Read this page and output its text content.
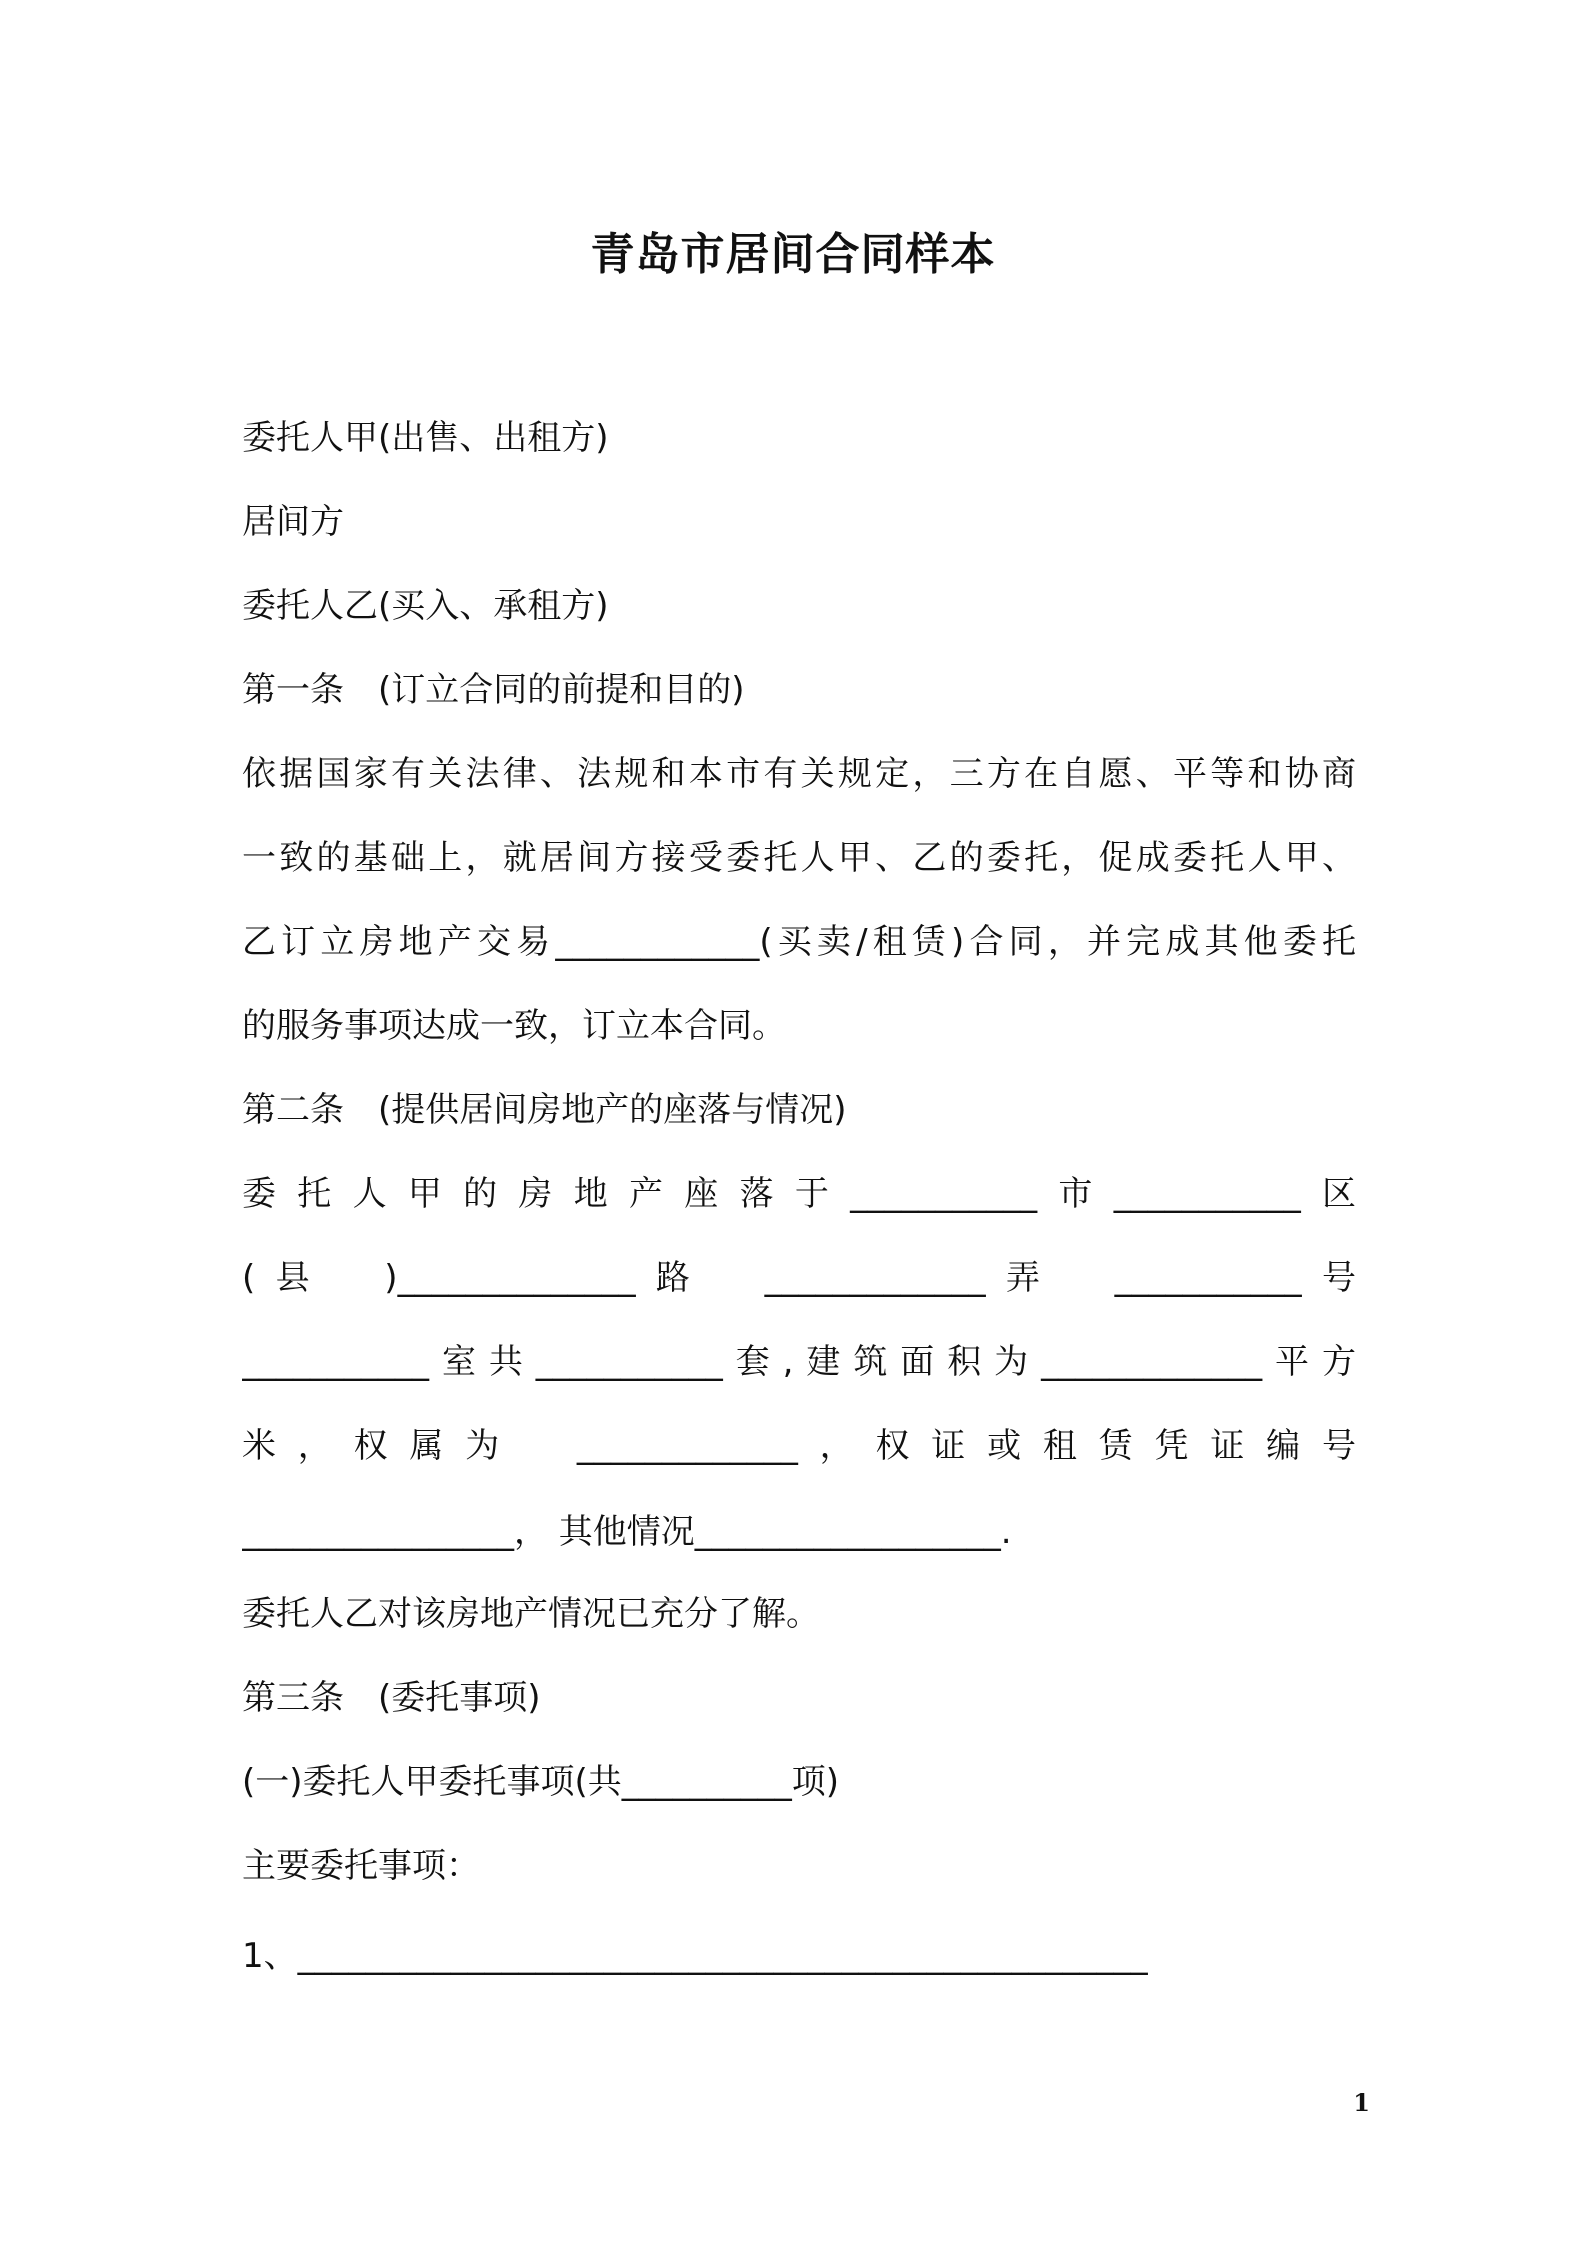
青岛市居间合同样本
委托人甲(出售、出租方)
居间方
委托人乙(买入、承租方)
第一条　(订立合同的前提和目的)
依据国家有关法律、法规和本市有关规定，三方在自愿、平等和协商
一致的基础上，就居间方接受委托人甲、乙的委托，促成委托人甲、
乙订立房地产交易____________(买卖/租赁)合同，并完成其他委托
的服务事项达成一致，订立本合同。
第二条　(提供居间房地产的座落与情况)
委托人甲的房地产座落于___________市___________区
(县　)______________路　_____________弄　___________号
___________室共___________套,建筑面积为_____________平方
米，权属为　_____________，权证或租赁凭证编号
________________， 其他情况__________________.
委托人乙对该房地产情况已充分了解。
第三条　(委托事项)
(一)委托人甲委托事项(共__________项)
主要委托事项：
1、__________________________________________________
1
